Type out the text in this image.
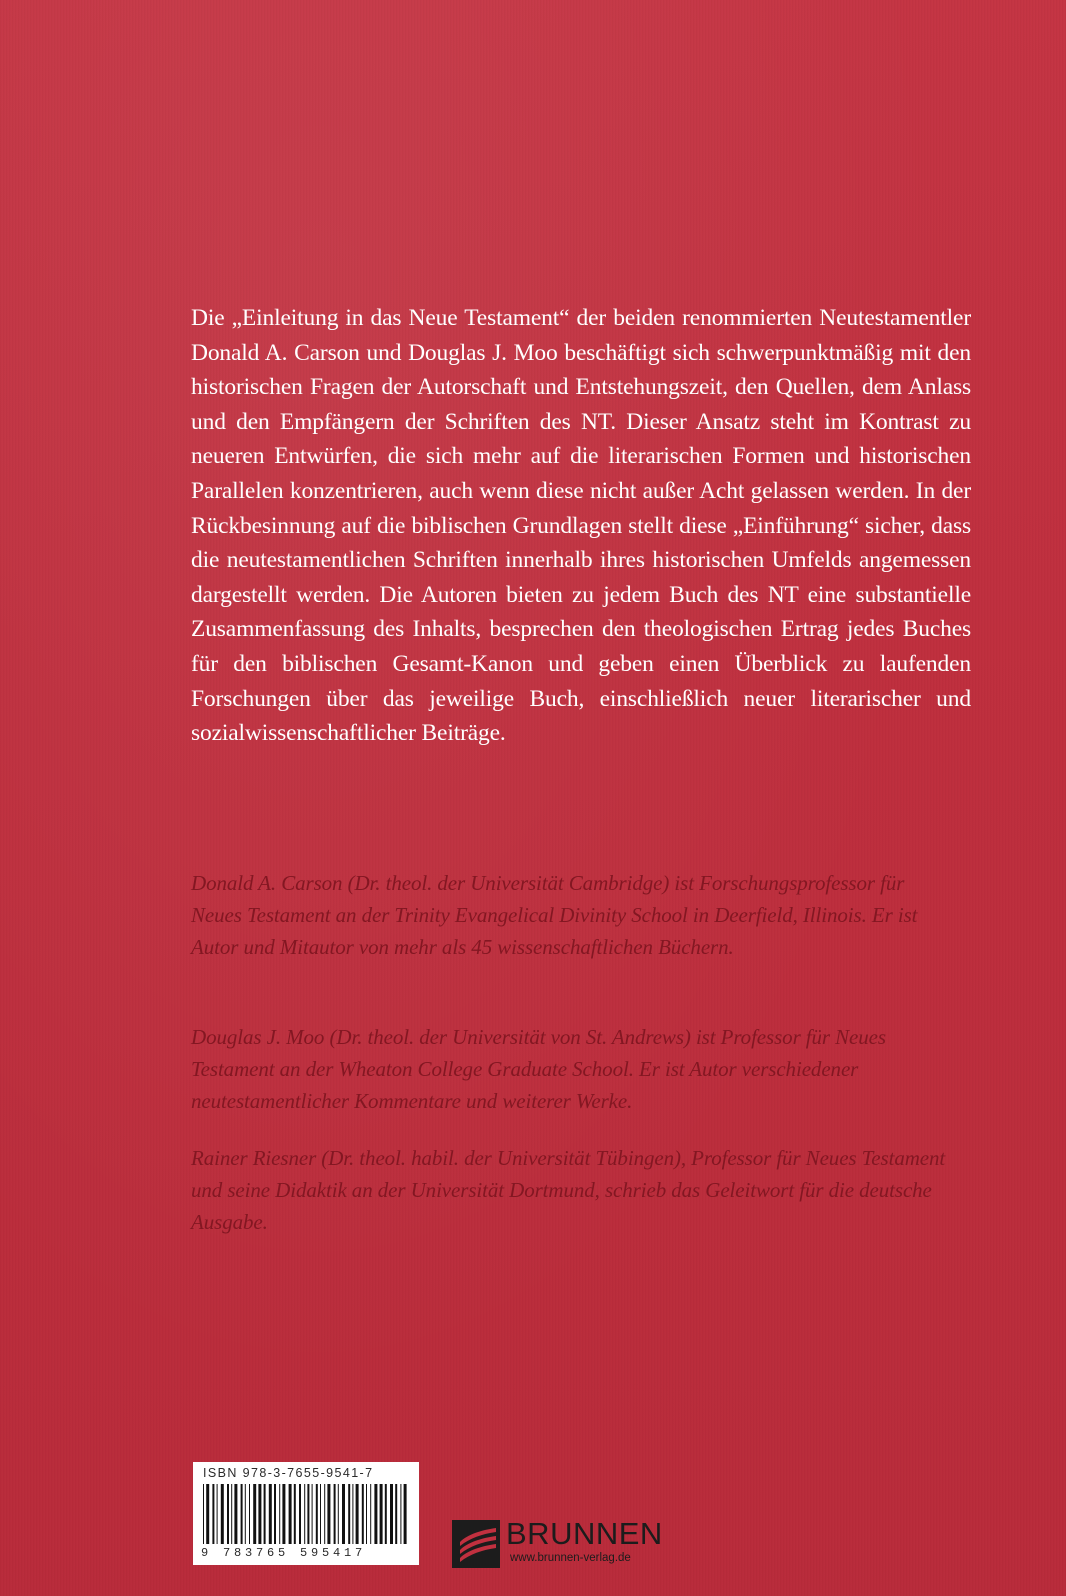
Die „Einleitung in das Neue Testament“ der beiden renommierten Neutestamentler Donald A. Carson und Douglas J. Moo beschäftigt sich schwerpunktmäßig mit den historischen Fragen der Autorschaft und Entstehungszeit, den Quellen, dem Anlass und den Empfängern der Schriften des NT. Dieser Ansatz steht im Kontrast zu neueren Entwürfen, die sich mehr auf die literarischen Formen und historischen Parallelen konzentrieren, auch wenn diese nicht außer Acht gelassen werden. In der Rückbesinnung auf die biblischen Grundlagen stellt diese „Einführung“ sicher, dass die neutestamentlichen Schriften innerhalb ihres historischen Umfelds angemessen dargestellt werden. Die Autoren bieten zu jedem Buch des NT eine substantielle Zusammenfassung des Inhalts, besprechen den theologischen Ertrag jedes Buches für den biblischen Gesamt-Kanon und geben einen Überblick zu laufenden Forschungen über das jeweilige Buch, einschließlich neuer literarischer und sozialwissenschaftlicher Beiträge.

Donald A. Carson (Dr. theol. der Universität Cambridge) ist Forschungsprofessor für Neues Testament an der Trinity Evangelical Divinity School in Deerfield, Illinois. Er ist Autor und Mitautor von mehr als 45 wissenschaftlichen Büchern.

Douglas J. Moo (Dr. theol. der Universität von St. Andrews) ist Professor für Neues Testament an der Wheaton College Graduate School. Er ist Autor verschiedener neutestamentlicher Kommentare und weiterer Werke.

Rainer Riesner (Dr. theol. habil. der Universität Tübingen), Professor für Neues Testament und seine Didaktik an der Universität Dortmund, schrieb das Geleitwort für die deutsche Ausgabe.

ISBN 978-3-7655-9541-7
9 783765 595417
BRUNNEN
www.brunnen-verlag.de
